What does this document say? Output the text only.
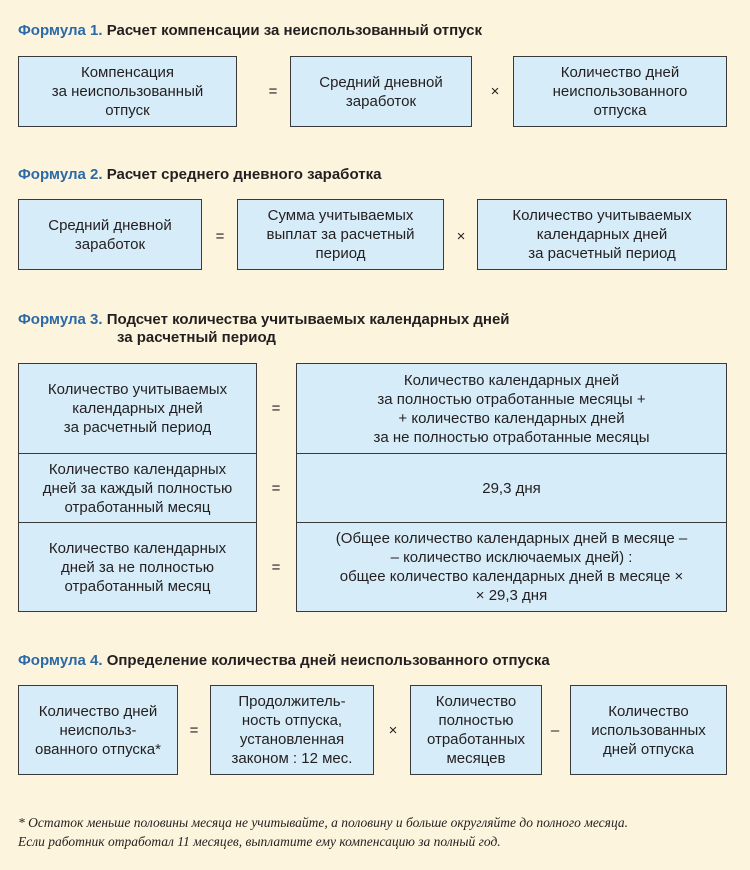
Формула 1. Расчет компенсации за неиспользованный отпуск
Компенсация
за неиспользованный
отпуск
=
Средний дневной
заработок
×
Количество дней
неиспользованного
отпуска
Формула 2. Расчет среднего дневного заработка
Средний дневной
заработок	=
Сумма учитываемых
выплат за расчетный
период
×
Количество учитываемых
календарных дней
за расчетный период
Формула 3. Подсчет количества учитываемых календарных дней
за расчетный период
Количество учитываемых
календарных дней
за расчетный период
=
Количество календарных дней
за полностью отработанные месяцы +
+ количество календарных дней
за не полностью отработанные месяцы
Количество календарных
дней за каждый полностью
отработанный месяц
=	29,3 дня
Количество календарных
дней за не полностью
отработанный месяц
=
(Общее количество календарных дней в месяце –
– количество исключаемых дней) :
общее количество календарных дней в месяце ×
× 29,3 дня
Формула 4. Определение количества дней неиспользованного отпуска
Количество дней
неиспольз-
ованного отпуска*
=
Продолжитель-
ность отпуска,
установленная
законом : 12 мес.
×
Количество
полностью
отработанных
месяцев
–
Количество
использованных
дней отпуска
* Остаток меньше половины месяца не учитывайте, а половину и больше округляйте до полного месяца.
Если работник отработал 11 месяцев, выплатите ему компенсацию за полный год.
